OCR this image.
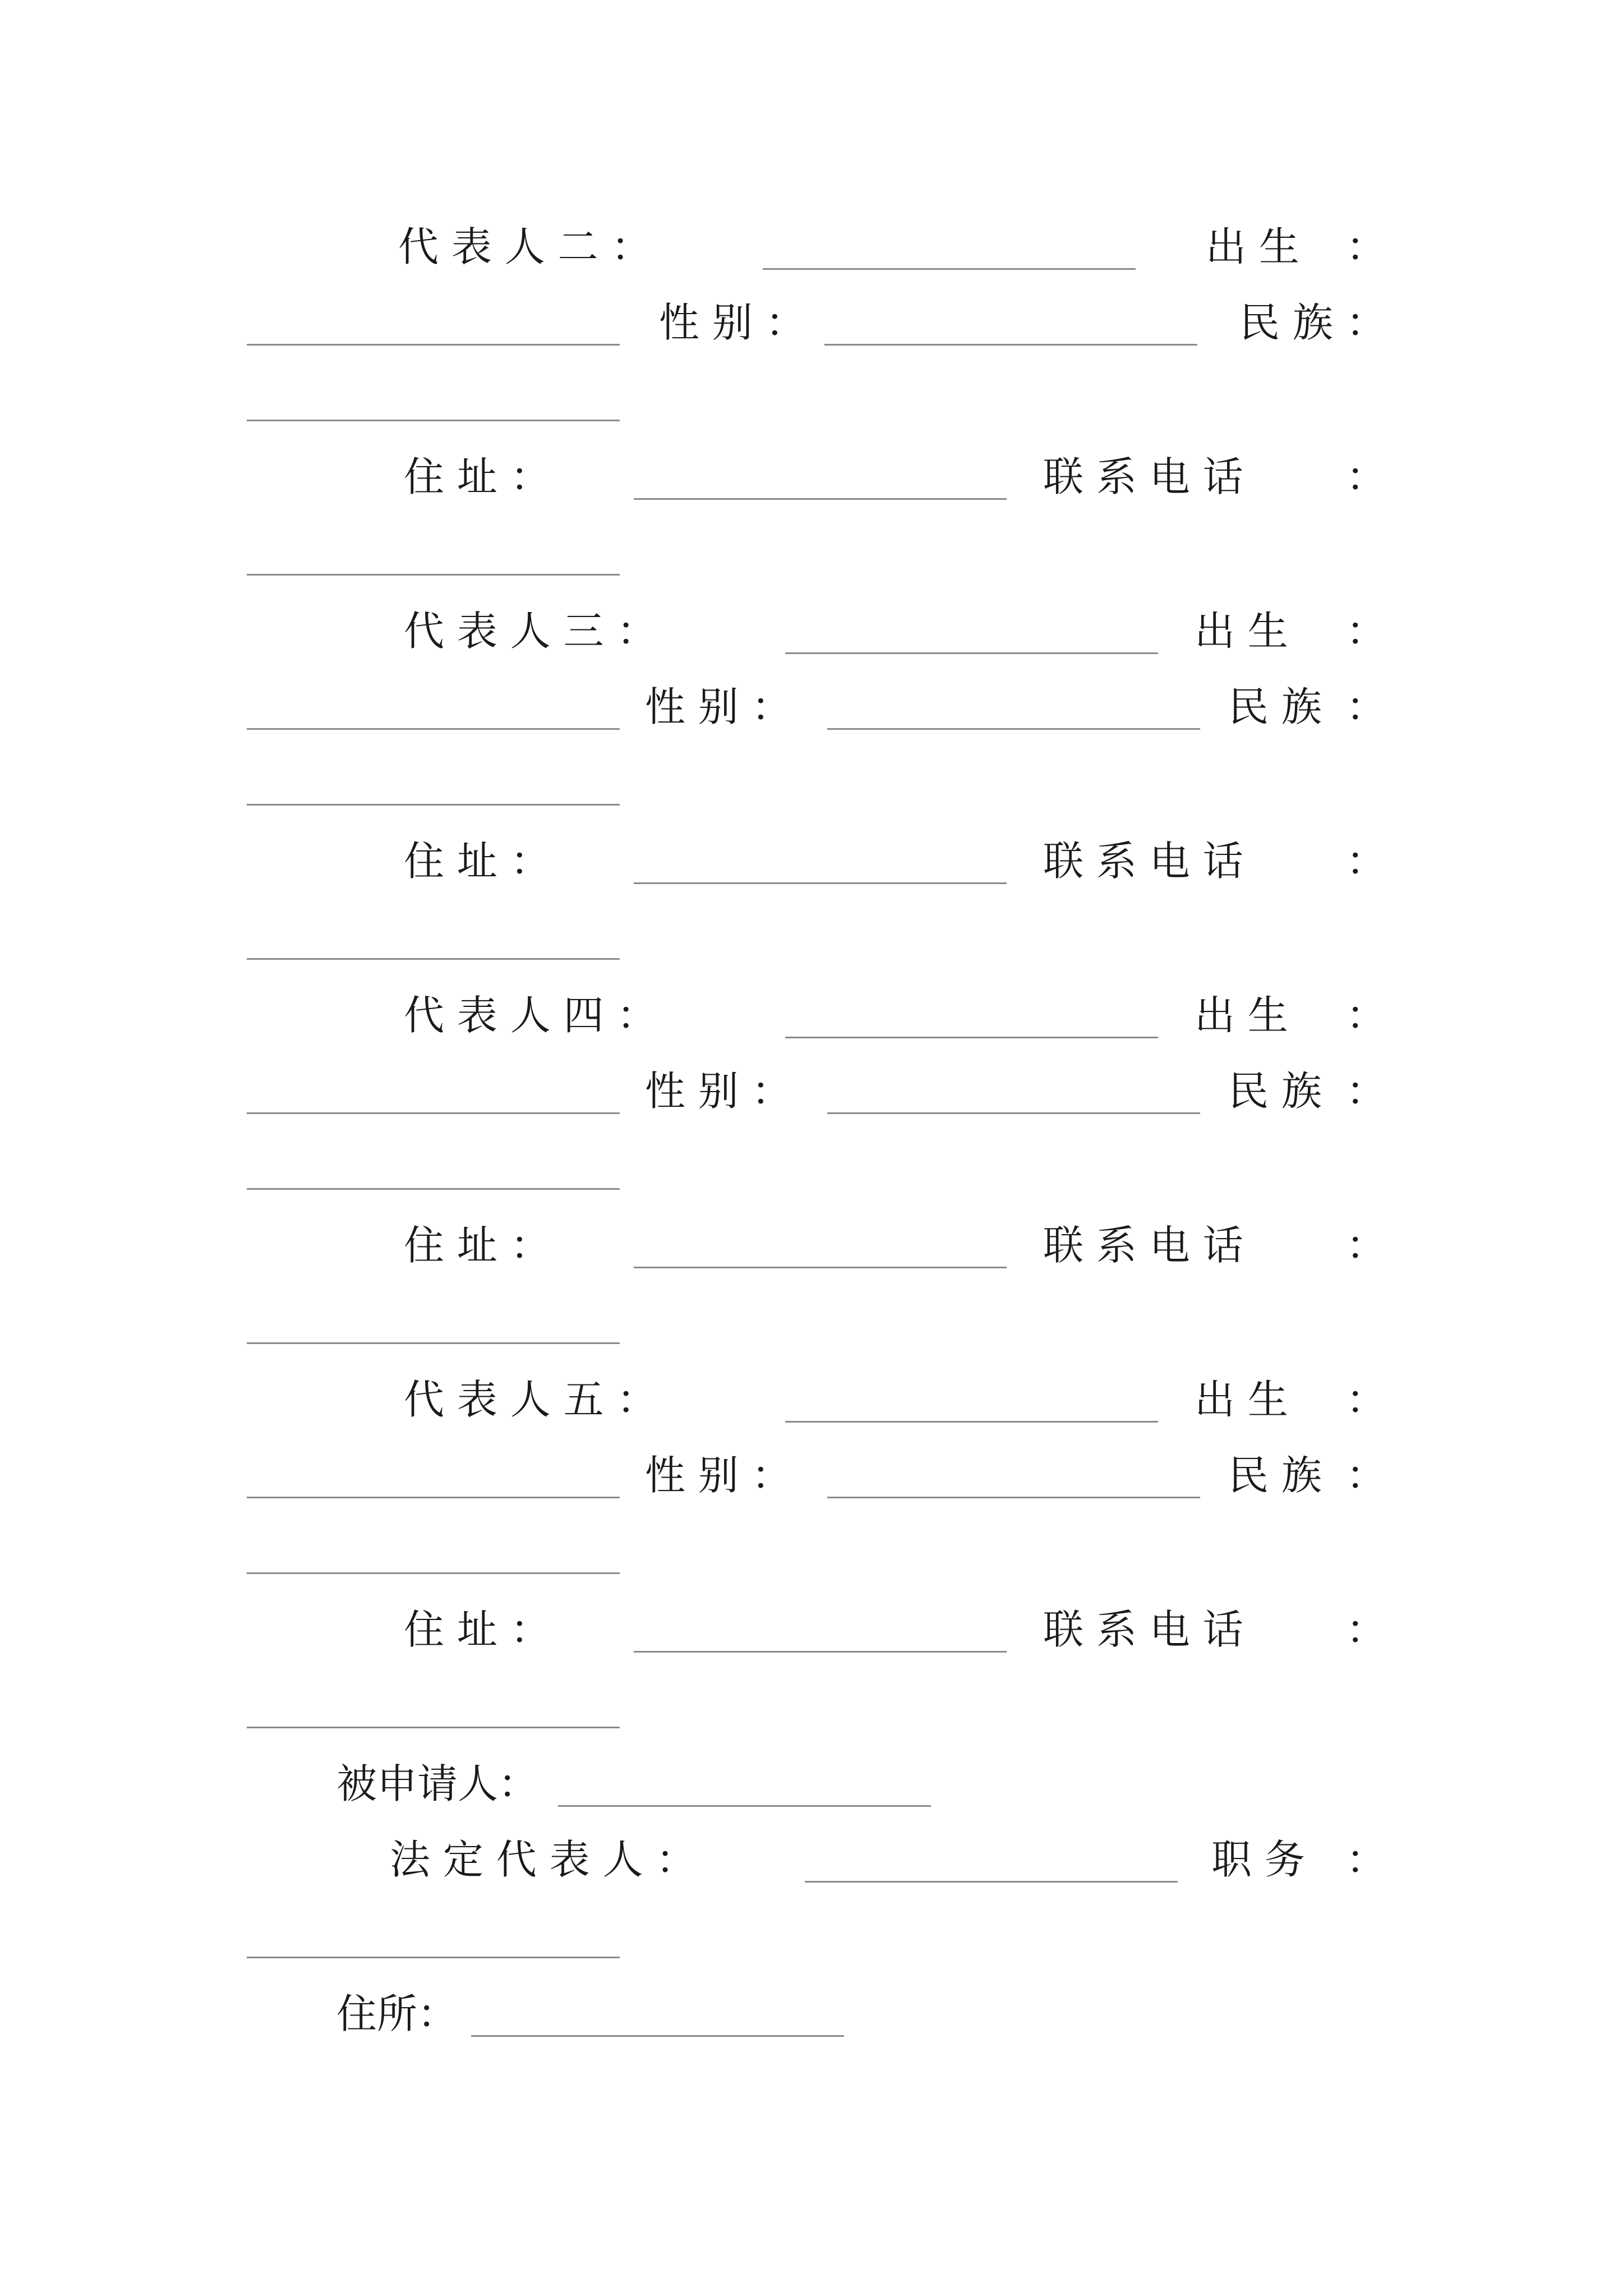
代 表 人 二 ：	出 生 ：
性 别 ：	民 族 ：
住 址 ：	联 系 电 话	：
代 表 人 三 ：	出 生 ：
性 别 ：	民 族 ：
住 址 ：	联 系 电 话	：
代 表 人 四 ：	出 生 ：
性 别 ：	民 族 ：
住 址 ：	联 系 电 话	：
代 表 人 五 ：	出 生 ：
性 别 ：	民 族 ：
住 址 ：	联 系 电 话	：
被申请人：
法 定 代 表 人 ：	职 务 ：
住所：
